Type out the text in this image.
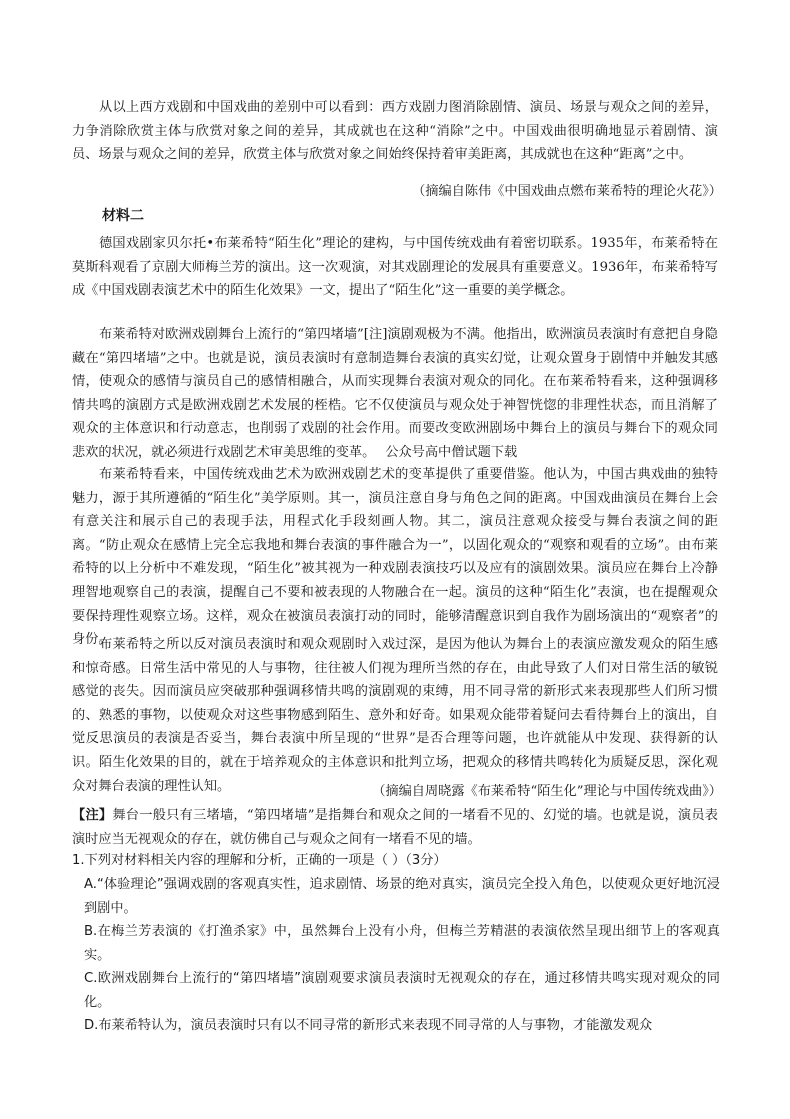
从以上西方戏剧和中国戏曲的差别中可以看到：西方戏剧力图消除剧情、演员、场景与观众之间的差异，力争消除欣赏主体与欣赏对象之间的差异，其成就也在这种“消除”之中。中国戏曲很明确地显示着剧情、演员、场景与观众之间的差异，欣赏主体与欣赏对象之间始终保持着审美距离，其成就也在这种“距离”之中。

（摘编自陈伟《中国戏曲点燃布莱希特的理论火花》）

材料二

德国戏剧家贝尔托•布莱希特“陌生化”理论的建构，与中国传统戏曲有着密切联系。1935年，布莱希特在莫斯科观看了京剧大师梅兰芳的演出。这一次观演，对其戏剧理论的发展具有重要意义。1936年，布莱希特写成《中国戏剧表演艺术中的陌生化效果》一文，提出了“陌生化”这一重要的美学概念。

布莱希特对欧洲戏剧舞台上流行的“第四堵墙”[注]演剧观极为不满。他指出，欧洲演员表演时有意把自身隐藏在“第四堵墙”之中。也就是说，演员表演时有意制造舞台表演的真实幻觉，让观众置身于剧情中并触发其感情，使观众的感情与演员自己的感情相融合，从而实现舞台表演对观众的同化。在布莱希特看来，这种强调移情共鸣的演剧方式是欧洲戏剧艺术发展的桎梏。它不仅使演员与观众处于神智恍惚的非理性状态，而且消解了观众的主体意识和行动意志，也削弱了戏剧的社会作用。而要改变欧洲剧场中舞台上的演员与舞台下的观众同悲欢的状况，就必须进行戏剧艺术审美思维的变革。 公众号高中僧试题下载

布莱希特看来，中国传统戏曲艺术为欧洲戏剧艺术的变革提供了重要借鉴。他认为，中国古典戏曲的独特魅力，源于其所遵循的“陌生化”美学原则。其一，演员注意自身与角色之间的距离。中国戏曲演员在舞台上会有意关注和展示自己的表现手法，用程式化手段刻画人物。其二，演员注意观众接受与舞台表演之间的距离。“防止观众在感情上完全忘我地和舞台表演的事件融合为一”，以固化观众的“观察和观看的立场”。由布莱希特的以上分析中不难发现，“陌生化”被其视为一种戏剧表演技巧以及应有的演剧效果。演员应在舞台上冷静理智地观察自己的表演，提醒自己不要和被表现的人物融合在一起。演员的这种“陌生化”表演，也在提醒观众要保持理性观察立场。这样，观众在被演员表演打动的同时，能够清醒意识到自我作为剧场演出的“观察者”的身份。

布莱希特之所以反对演员表演时和观众观剧时入戏过深，是因为他认为舞台上的表演应激发观众的陌生感和惊奇感。日常生活中常见的人与事物，往往被人们视为理所当然的存在，由此导致了人们对日常生活的敏锐感觉的丧失。因而演员应突破那种强调移情共鸣的演剧观的束缚，用不同寻常的新形式来表现那些人们所习惯的、熟悉的事物，以使观众对这些事物感到陌生、意外和好奇。如果观众能带着疑问去看待舞台上的演出，自觉反思演员的表演是否妥当，舞台表演中所呈现的“世界”是否合理等问题，也许就能从中发现、获得新的认识。陌生化效果的目的，就在于培养观众的主体意识和批判立场，把观众的移情共鸣转化为质疑反思，深化观众对舞台表演的理性认知。	（摘编自周晓露《布莱希特“陌生化”理论与中国传统戏曲》）

【注】舞台一般只有三堵墙，“第四堵墙”是指舞台和观众之间的一堵看不见的、幻觉的墙。也就是说，演员表演时应当无视观众的存在，就仿佛自己与观众之间有一堵看不见的墙。

1.下列对材料相关内容的理解和分析，正确的一项是（ ）（3分）

A.“体验理论”强调戏剧的客观真实性，追求剧情、场景的绝对真实，演员完全投入角色，以使观众更好地沉浸到剧中。

B.在梅兰芳表演的《打渔杀家》中，虽然舞台上没有小舟，但梅兰芳精湛的表演依然呈现出细节上的客观真实。

C.欧洲戏剧舞台上流行的“第四堵墙”演剧观要求演员表演时无视观众的存在，通过移情共鸣实现对观众的同化。

D.布莱希特认为，演员表演时只有以不同寻常的新形式来表现不同寻常的人与事物，才能激发观众
